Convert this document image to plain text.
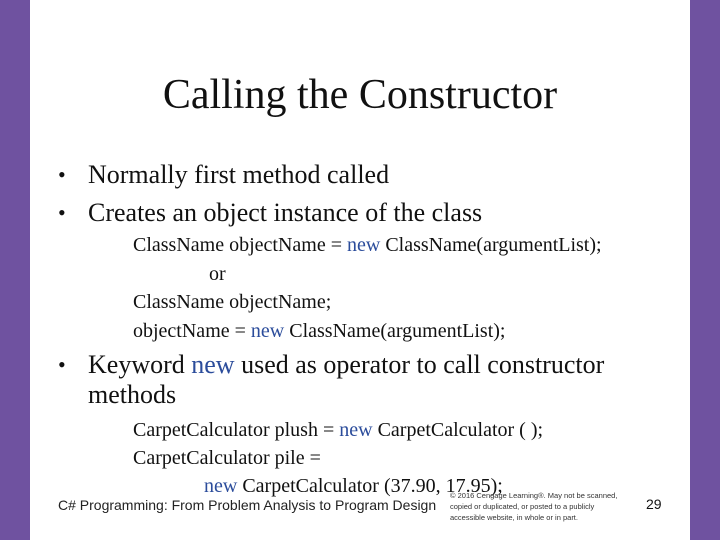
Calling the Constructor
• Normally first method called
• Creates an object instance of the class
ClassName objectName = new ClassName(argumentList);
or
ClassName objectName;
objectName = new ClassName(argumentList);
• Keyword new used as operator to call constructor methods
CarpetCalculator plush = new CarpetCalculator ( );
CarpetCalculator pile =
new CarpetCalculator (37.90, 17.95);
C# Programming: From Problem Analysis to Program Design
© 2016 Cengage Learning®. May not be scanned, copied or duplicated, or posted to a publicly accessible website, in whole or in part.
29
